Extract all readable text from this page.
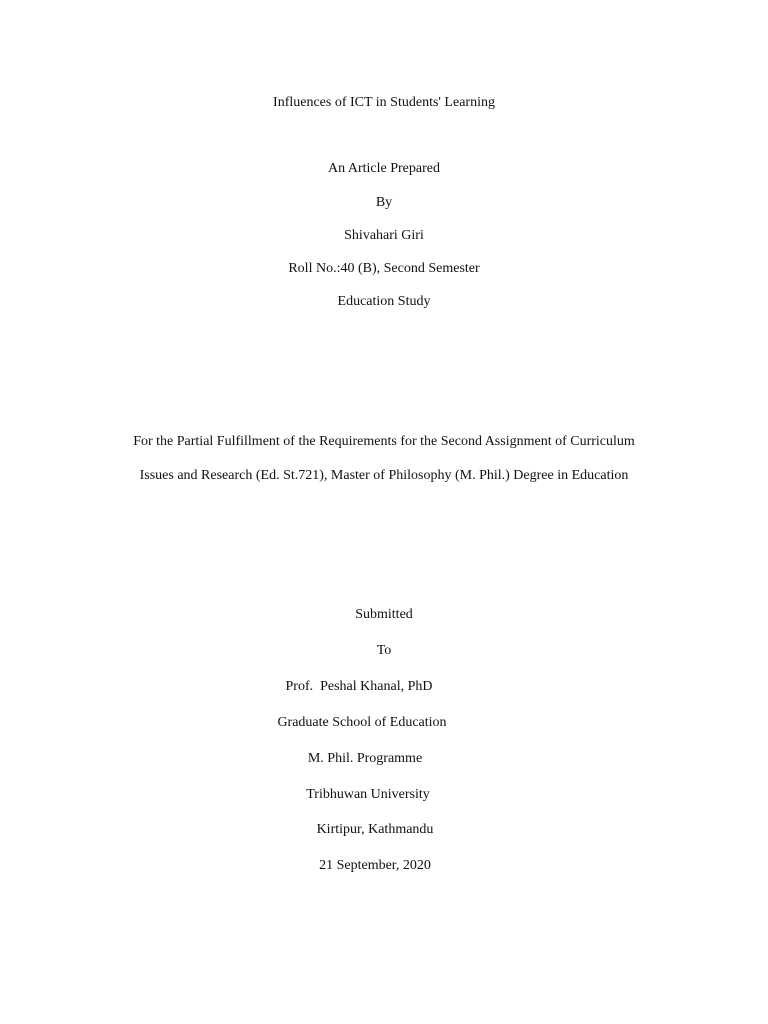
Influences of ICT in Students' Learning
An Article Prepared
By
Shivahari Giri
Roll No.:40 (B), Second Semester
Education Study
For the Partial Fulfillment of the Requirements for the Second Assignment of Curriculum
Issues and Research (Ed. St.721), Master of Philosophy (M. Phil.) Degree in Education
Submitted
To
Prof.  Peshal Khanal, PhD
Graduate School of Education
M. Phil. Programme
Tribhuwan University
Kirtipur, Kathmandu
21 September, 2020
